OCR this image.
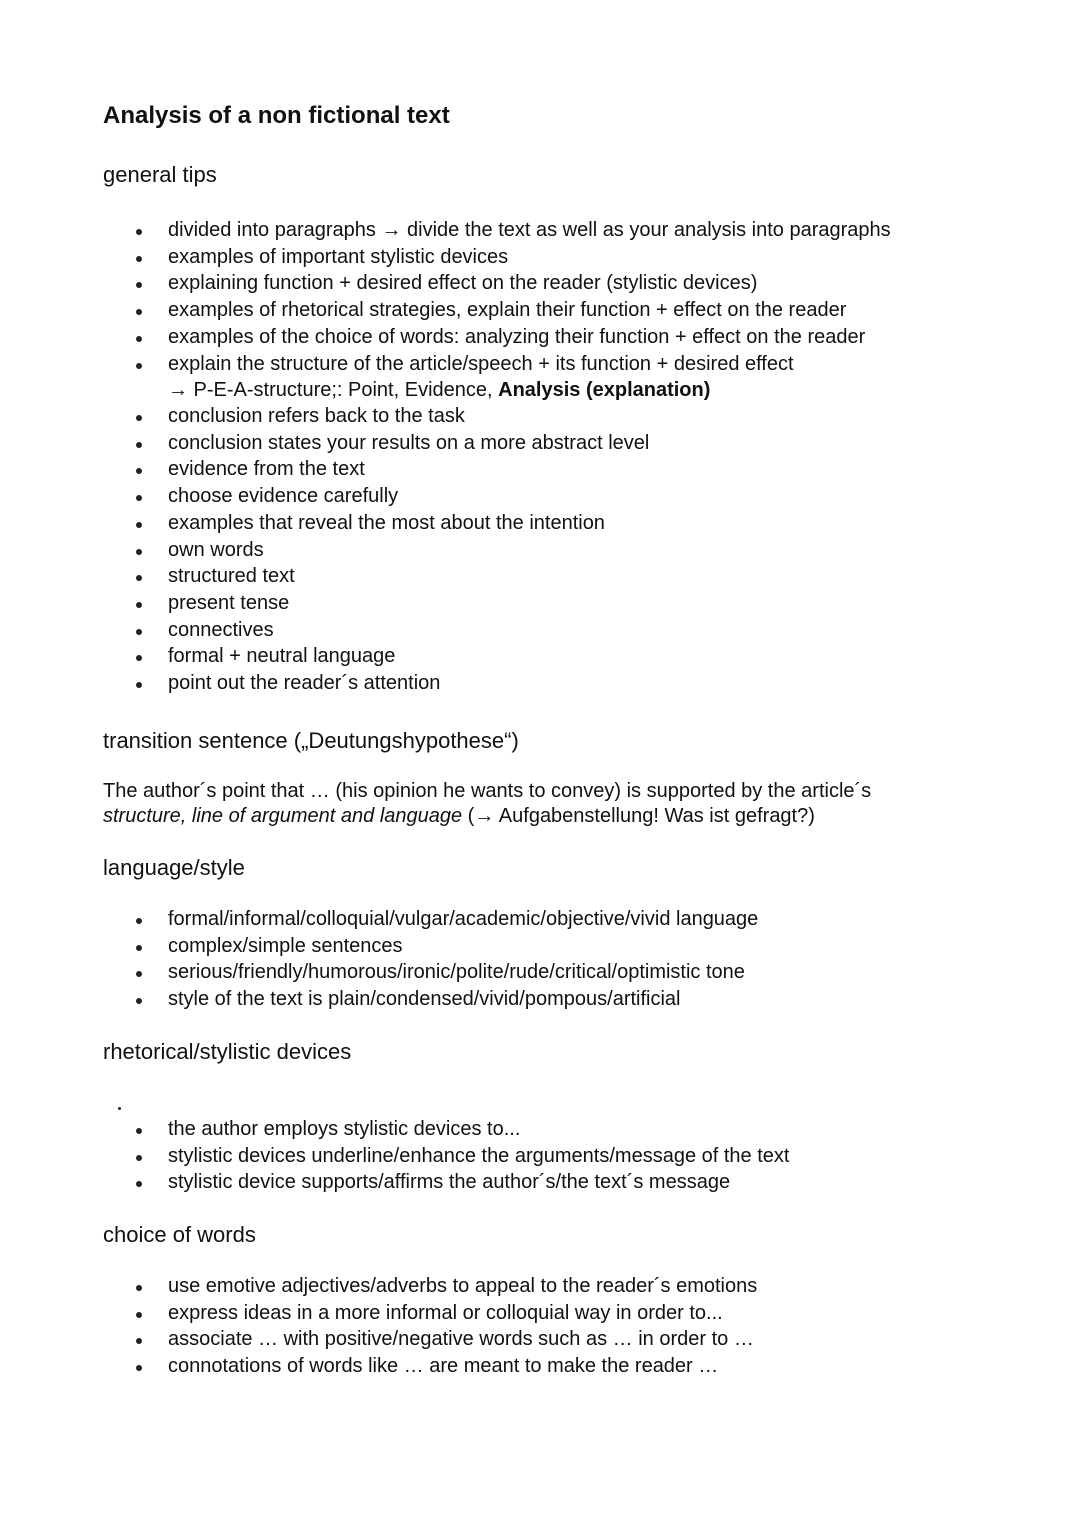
Analysis of a non fictional text
general tips
divided into paragraphs → divide the text as well as your analysis into paragraphs
examples of important stylistic devices
explaining function + desired effect on the reader (stylistic devices)
examples of rhetorical strategies, explain their function + effect on the reader
examples of the choice of words: analyzing their function + effect on the reader
explain the structure of the article/speech + its function + desired effect
→ P-E-A-structure;: Point, Evidence, Analysis (explanation)
conclusion refers back to the task
conclusion states your results on a more abstract level
evidence from the text
choose evidence carefully
examples that reveal the most about the intention
own words
structured text
present tense
connectives
formal + neutral language
point out the reader´s attention
transition sentence („Deutungshypothese“)

The author´s point that … (his opinion he wants to convey) is supported by the article´s
structure, line of argument and language (→ Aufgabenstellung! Was ist gefragt?)

language/style
formal/informal/colloquial/vulgar/academic/objective/vivid language
complex/simple sentences
serious/friendly/humorous/ironic/polite/rude/critical/optimistic tone
style of the text is plain/condensed/vivid/pompous/artificial
rhetorical/stylistic devices
the author employs stylistic devices to...
stylistic devices underline/enhance the arguments/message of the text
stylistic device supports/affirms the author´s/the text´s message
choice of words
use emotive adjectives/adverbs to appeal to the reader´s emotions
express ideas in a more informal or colloquial way in order to...
associate … with positive/negative words such as … in order to …
connotations of words like … are meant to make the reader …
